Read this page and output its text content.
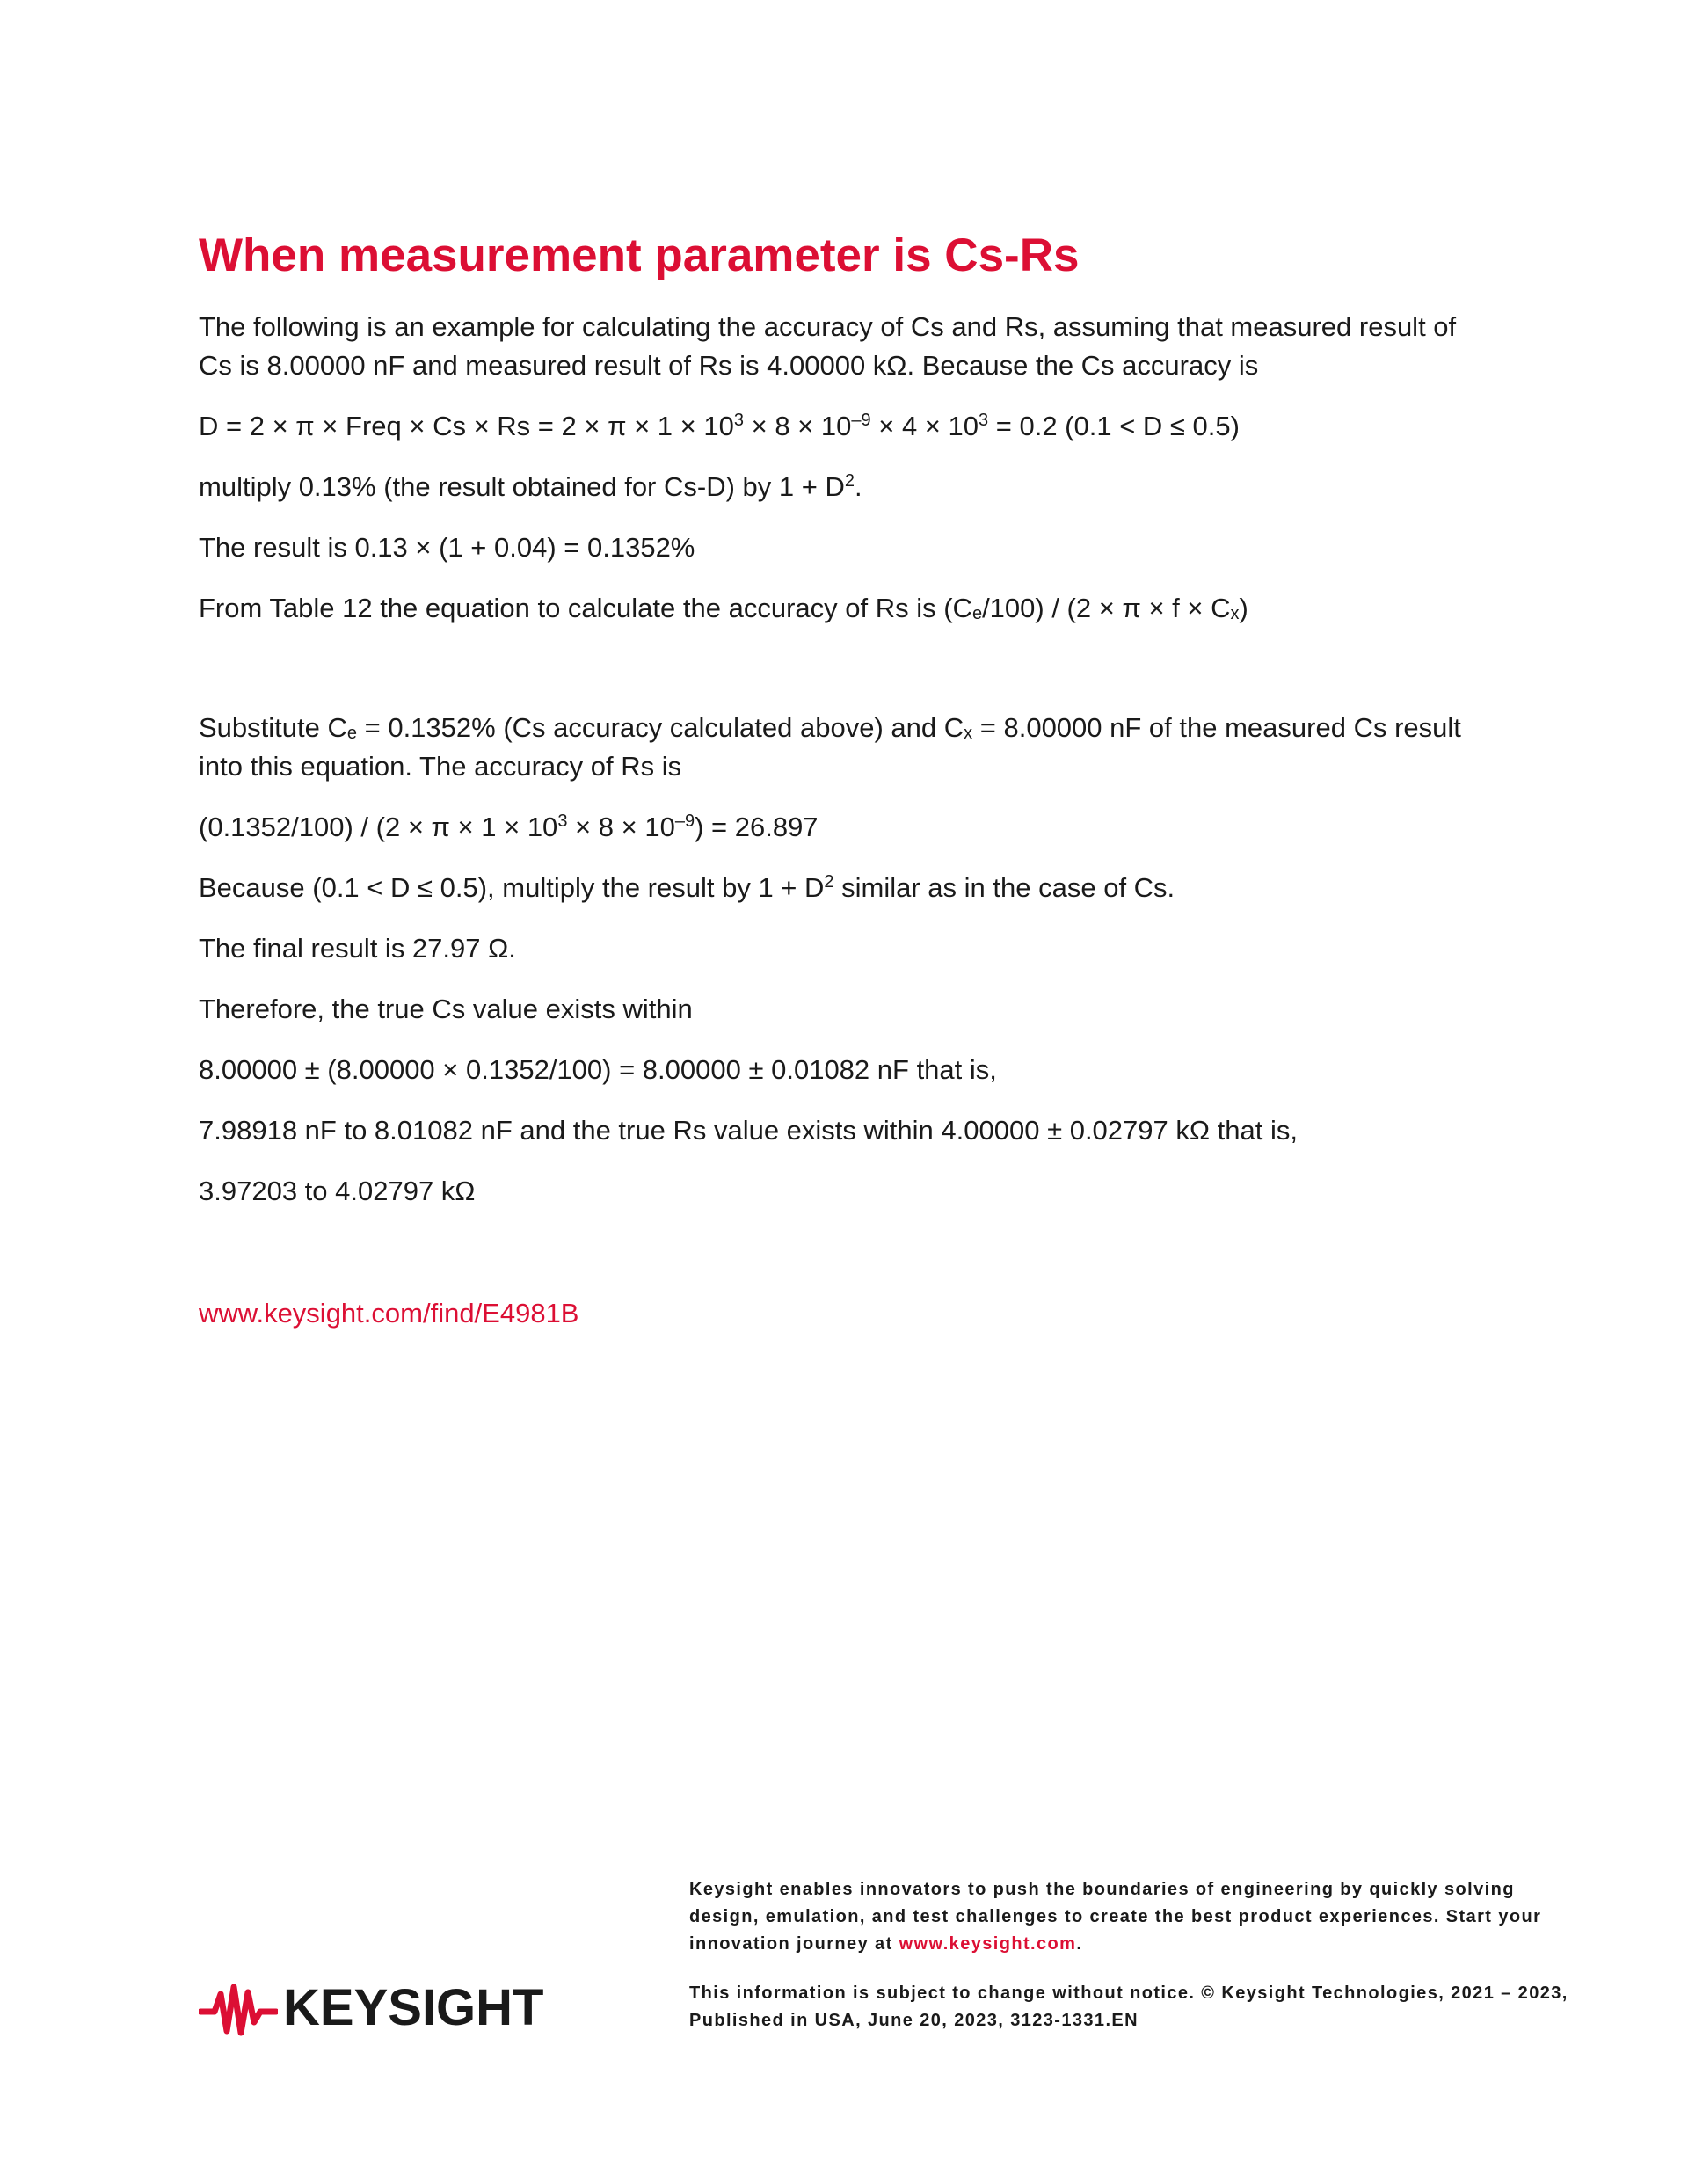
When measurement parameter is Cs-Rs

The following is an example for calculating the accuracy of Cs and Rs, assuming that measured result of

Cs is 8.00000 nF and measured result of Rs is 4.00000 kΩ. Because the Cs accuracy is

D = 2 × π × Freq × $Cs \times Rs = 2 \times \pi \times 1 \times 10^3 \times 8 \times 10^{-9} \times 4 \times 10^3 = 0.2$ (0.1 < D ≤ 0.5)

multiply 0.13% (the result obtained for Cs-D) by $1 + D^2$.

The result is 0.13 × (1 + 0.04) = 0.1352%

From Table 12 the equation to calculate the accuracy of Rs is $(C_e/100) / (2 \times \pi \times f \times C_x)$

Substitute $C_e = 0.1352\%$ (Cs accuracy calculated above) and $C_x = 8.00000$ nF of the measured Cs result

into this equation. The accuracy of Rs is

$(0.1352/100) / (2 \times \pi \times 1 \times 10^3 \times 8 \times 10^{-9}) = 26.897$

Because (0.1 < D ≤ 0.5), multiply the result by $1 + D^2$ similar as in the case of Cs.

The final result is 27.97 Ω.

Therefore, the true Cs value exists within

8.00000 ± (8.00000 × 0.1352/100) = 8.00000 ± 0.01082 nF that is,

7.98918 nF to 8.01082 nF and the true Rs value exists within 4.00000 ± 0.02797 kΩ that is,

3.97203 to 4.02797 kΩ

www.keysight.com/find/E4981B

KEYSIGHT

Keysight enables innovators to push the boundaries of engineering by quickly solving

design, emulation, and test challenges to create the best product experiences. Start your

innovation journey at www.keysight.com.

This information is subject to change without notice. © Keysight Technologies, 2021 – 2023,

Published in USA, June 20, 2023, 3123-1331.EN
